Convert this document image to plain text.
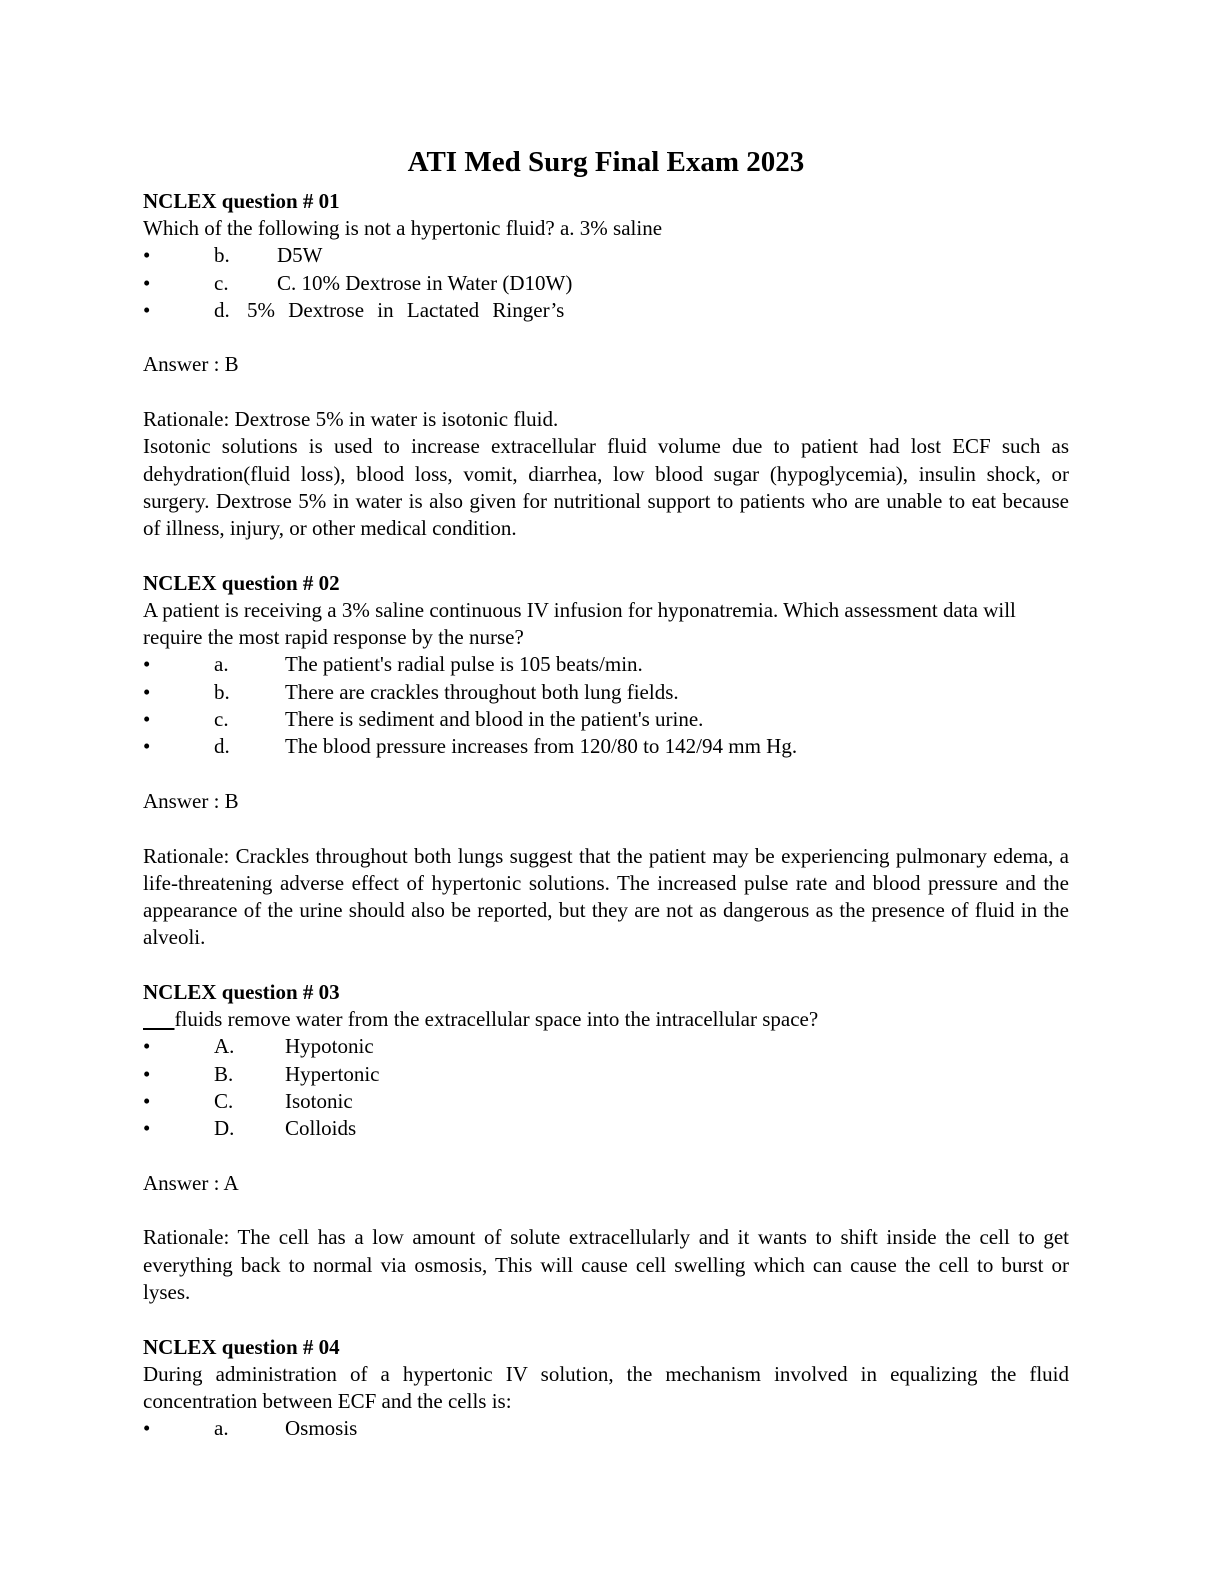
ATI Med Surg Final Exam 2023

NCLEX question # 01

Which of the following is not a hypertonic fluid? a. 3% saline

•	b. D5W
•	c. C. 10% Dextrose in Water (D10W)
•	d. 5% Dextrose in Lactated Ringer’s

Answer : B

Rationale: Dextrose 5% in water is isotonic fluid.

Isotonic solutions is used to increase extracellular fluid volume due to patient had lost ECF such as dehydration(fluid loss), blood loss, vomit, diarrhea, low blood sugar (hypoglycemia), insulin shock, or surgery. Dextrose 5% in water is also given for nutritional support to patients who are unable to eat because of illness, injury, or other medical condition.

NCLEX question # 02

A patient is receiving a 3% saline continuous IV infusion for hyponatremia. Which assessment data will require the most rapid response by the nurse?

•	a.	The patient's radial pulse is 105 beats/min.
•	b.	There are crackles throughout both lung fields.
•	c.	There is sediment and blood in the patient's urine.
•	d.	The blood pressure increases from 120/80 to 142/94 mm Hg.

Answer : B

Rationale: Crackles throughout both lungs suggest that the patient may be experiencing pulmonary edema, a life-threatening adverse effect of hypertonic solutions. The increased pulse rate and blood pressure and the appearance of the urine should also be reported, but they are not as dangerous as the presence of fluid in the alveoli.

NCLEX question # 03

fluids remove water from the extracellular space into the intracellular space?

•	A. Hypotonic
•	B. Hypertonic
•	C. Isotonic
•	D. Colloids

Answer : A

Rationale: The cell has a low amount of solute extracellularly and it wants to shift inside the cell to get everything back to normal via osmosis, This will cause cell swelling which can cause the cell to burst or lyses.

NCLEX question # 04

During administration of a hypertonic IV solution, the mechanism involved in equalizing the fluid concentration between ECF and the cells is:

•	a.	Osmosis
